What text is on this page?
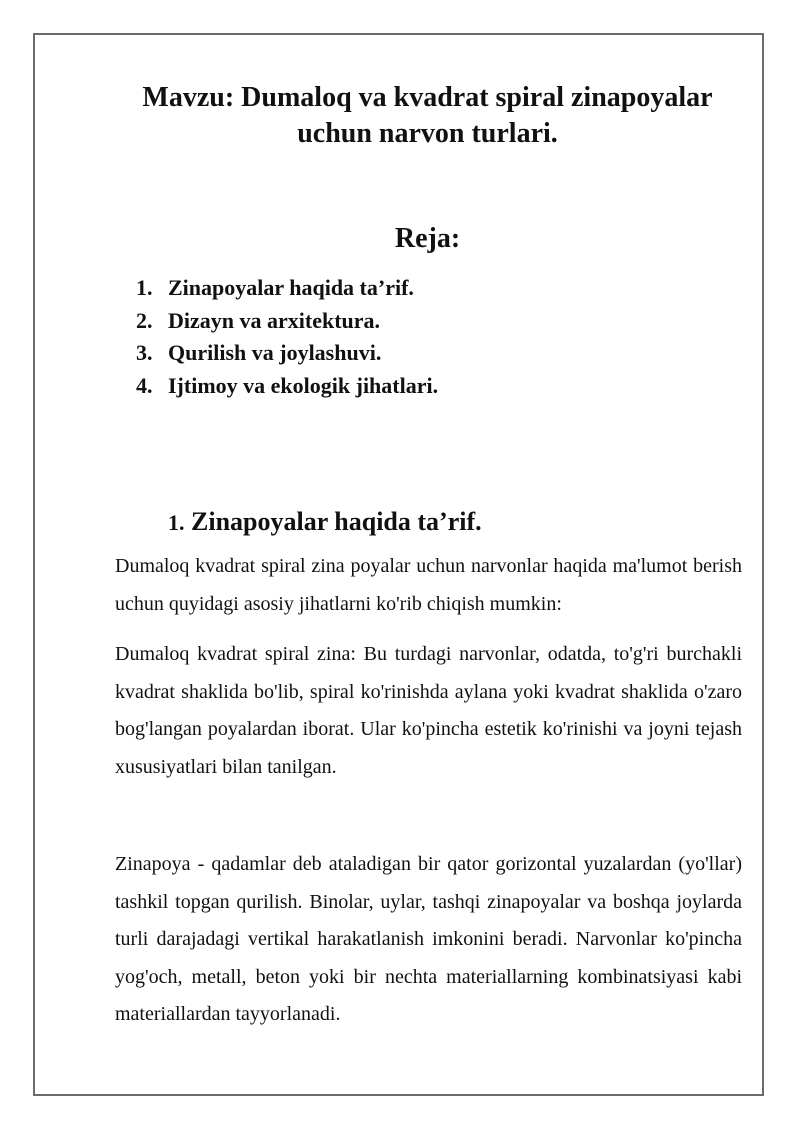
Mavzu: Dumaloq va kvadrat spiral zinapoyalar
uchun narvon turlari.
Reja:
1. Zinapoyalar haqida ta’rif.
2. Dizayn va arxitektura.
3. Qurilish va joylashuvi.
4. Ijtimoy va ekologik jihatlari.
1. Zinapoyalar haqida ta’rif.

Dumaloq kvadrat spiral zina poyalar uchun narvonlar haqida ma'lumot berish uchun quyidagi asosiy jihatlarni ko'rib chiqish mumkin:

Dumaloq kvadrat spiral zina: Bu turdagi narvonlar, odatda, to'g'ri burchakli kvadrat shaklida bo'lib, spiral ko'rinishda aylana yoki kvadrat shaklida o'zaro bog'langan poyalardan iborat. Ular ko'pincha estetik ko'rinishi va joyni tejash xususiyatlari bilan tanilgan.

Zinapoya - qadamlar deb ataladigan bir qator gorizontal yuzalardan (yo'llar) tashkil topgan qurilish. Binolar, uylar, tashqi zinapoyalar va boshqa joylarda turli darajadagi vertikal harakatlanish imkonini beradi. Narvonlar ko'pincha yog'och, metall, beton yoki bir nechta materiallarning kombinatsiyasi kabi materiallardan tayyorlanadi.
